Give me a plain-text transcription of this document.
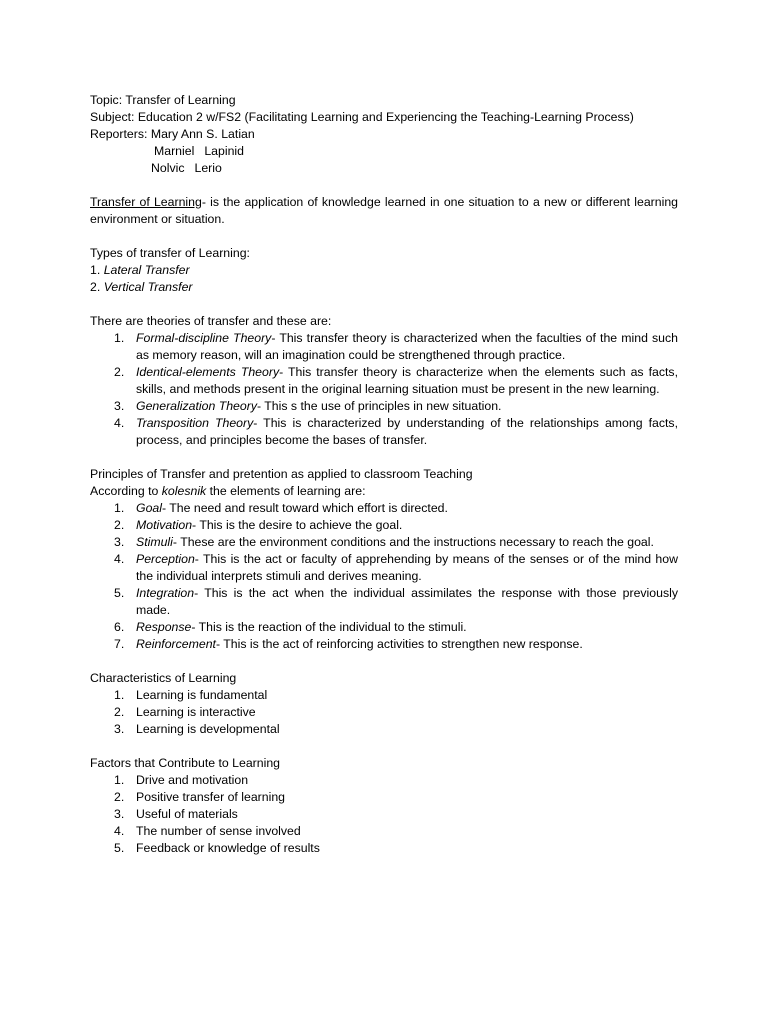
Topic: Transfer of Learning

Subject: Education 2 w/FS2 (Facilitating Learning and Experiencing the Teaching-Learning Process)

Reporters: Mary Ann S. Latian

Marniel Lapinid

Nolvic Lerio

Transfer of Learning- is the application of knowledge learned in one situation to a new or different learning environment or situation.

Types of transfer of Learning:

1. Lateral Transfer

2. Vertical Transfer

There are theories of transfer and these are:

1. Formal-discipline Theory- This transfer theory is characterized when the faculties of the mind such as memory reason, will an imagination could be strengthened through practice.
2. Identical-elements Theory- This transfer theory is characterize when the elements such as facts, skills, and methods present in the original learning situation must be present in the new learning.
3. Generalization Theory- This s the use of principles in new situation.
4. Transposition Theory- This is characterized by understanding of the relationships among facts, process, and principles become the bases of transfer.

Principles of Transfer and pretention as applied to classroom Teaching

According to kolesnik the elements of learning are:

1. Goal- The need and result toward which effort is directed.
2. Motivation- This is the desire to achieve the goal.
3. Stimuli- These are the environment conditions and the instructions necessary to reach the goal.
4. Perception- This is the act or faculty of apprehending by means of the senses or of the mind how the individual interprets stimuli and derives meaning.
5. Integration- This is the act when the individual assimilates the response with those previously made.
6. Response- This is the reaction of the individual to the stimuli.
7. Reinforcement- This is the act of reinforcing activities to strengthen new response.

Characteristics of Learning

1. Learning is fundamental
2. Learning is interactive
3. Learning is developmental

Factors that Contribute to Learning

1. Drive and motivation
2. Positive transfer of learning
3. Useful of materials
4. The number of sense involved
5. Feedback or knowledge of results
